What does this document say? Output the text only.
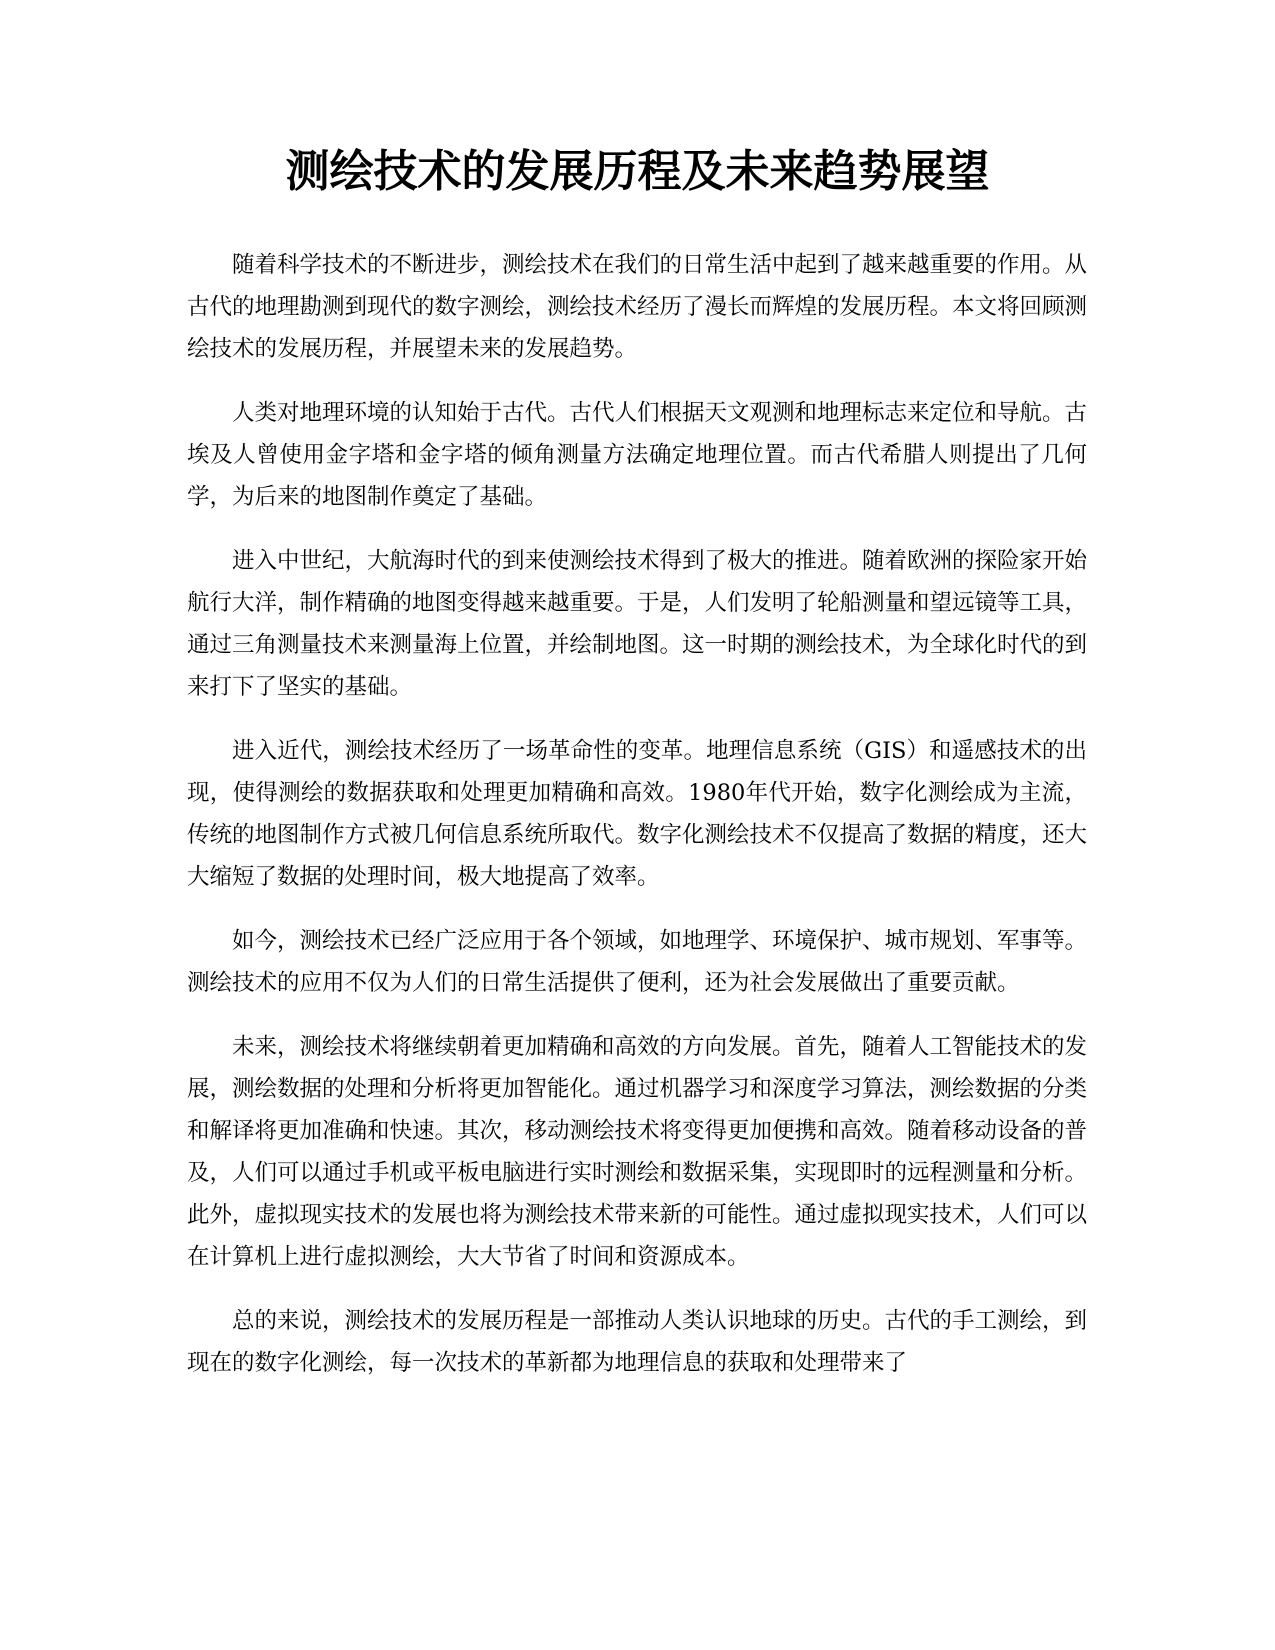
测绘技术的发展历程及未来趋势展望

随着科学技术的不断进步，测绘技术在我们的日常生活中起到了越来越重要的作用。从古代的地理勘测到现代的数字测绘，测绘技术经历了漫长而辉煌的发展历程。本文将回顾测绘技术的发展历程，并展望未来的发展趋势。

人类对地理环境的认知始于古代。古代人们根据天文观测和地理标志来定位和导航。古埃及人曾使用金字塔和金字塔的倾角测量方法确定地理位置。而古代希腊人则提出了几何学，为后来的地图制作奠定了基础。

进入中世纪，大航海时代的到来使测绘技术得到了极大的推进。随着欧洲的探险家开始航行大洋，制作精确的地图变得越来越重要。于是，人们发明了轮船测量和望远镜等工具，通过三角测量技术来测量海上位置，并绘制地图。这一时期的测绘技术，为全球化时代的到来打下了坚实的基础。

进入近代，测绘技术经历了一场革命性的变革。地理信息系统（GIS）和遥感技术的出现，使得测绘的数据获取和处理更加精确和高效。1980年代开始，数字化测绘成为主流，传统的地图制作方式被几何信息系统所取代。数字化测绘技术不仅提高了数据的精度，还大大缩短了数据的处理时间，极大地提高了效率。

如今，测绘技术已经广泛应用于各个领域，如地理学、环境保护、城市规划、军事等。测绘技术的应用不仅为人们的日常生活提供了便利，还为社会发展做出了重要贡献。

未来，测绘技术将继续朝着更加精确和高效的方向发展。首先，随着人工智能技术的发展，测绘数据的处理和分析将更加智能化。通过机器学习和深度学习算法，测绘数据的分类和解译将更加准确和快速。其次，移动测绘技术将变得更加便携和高效。随着移动设备的普及，人们可以通过手机或平板电脑进行实时测绘和数据采集，实现即时的远程测量和分析。此外，虚拟现实技术的发展也将为测绘技术带来新的可能性。通过虚拟现实技术，人们可以在计算机上进行虚拟测绘，大大节省了时间和资源成本。

总的来说，测绘技术的发展历程是一部推动人类认识地球的历史。古代的手工测绘，到现在的数字化测绘，每一次技术的革新都为地理信息的获取和处理带来了
